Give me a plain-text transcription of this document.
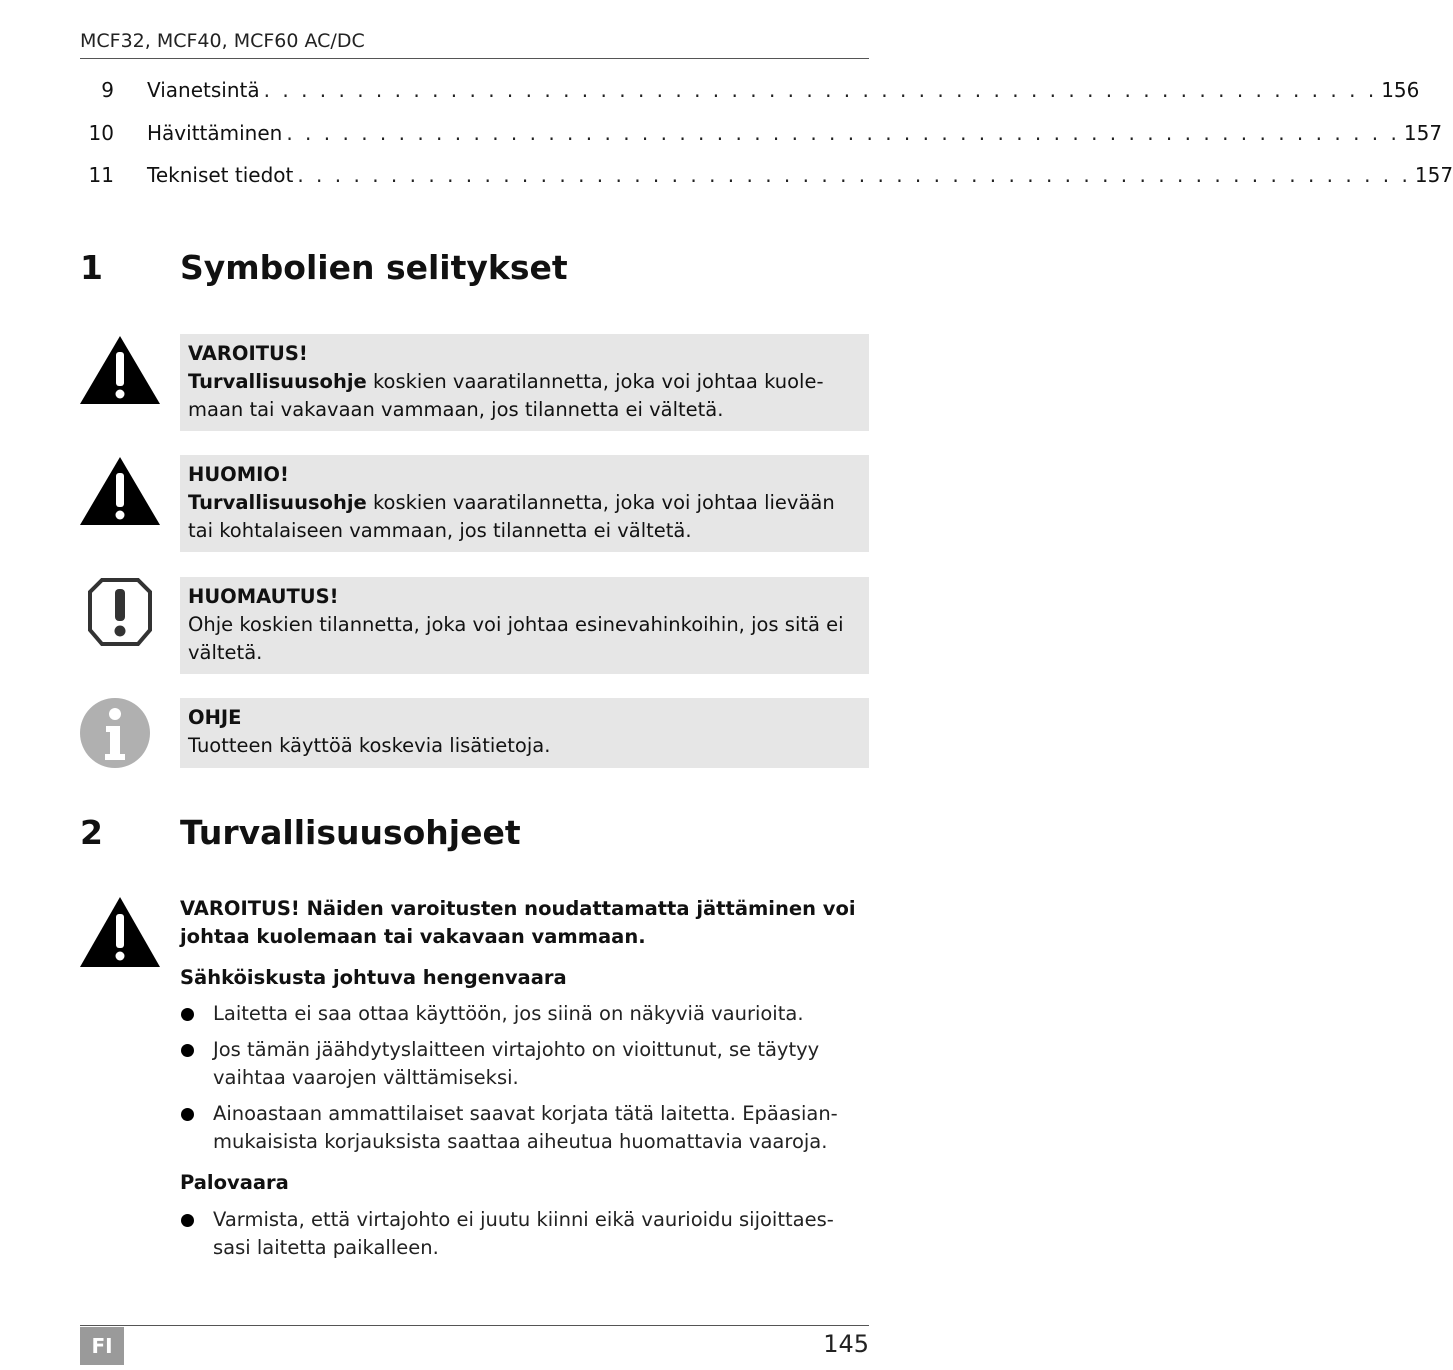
MCF32, MCF40, MCF60 AC/DC
9 Vianetsintä . . . . . . . . . . . . . . . . . . . . . . . . . . . . . . . . . . . . . . . . . . . . . . . . . . . . . . . . . . . . 156
10 Hävittäminen . . . . . . . . . . . . . . . . . . . . . . . . . . . . . . . . . . . . . . . . . . . . . . . . . . . . . . . . . . . . 157
11 Tekniset tiedot . . . . . . . . . . . . . . . . . . . . . . . . . . . . . . . . . . . . . . . . . . . . . . . . . . . . . . . . . . . . 157
1	Symbolien selitykset
VAROITUS!
Turvallisuusohje koskien vaaratilannetta, joka voi johtaa kuole-maan tai vakavaan vammaan, jos tilannetta ei vältetä.
HUOMIO!
Turvallisuusohje koskien vaaratilannetta, joka voi johtaa lievään tai kohtalaiseen vammaan, jos tilannetta ei vältetä.
HUOMAUTUS!
Ohje koskien tilannetta, joka voi johtaa esinevahinkoihin, jos sitä ei vältetä.
OHJE
Tuotteen käyttöä koskevia lisätietoja.
2	Turvallisuusohjeet
VAROITUS! Näiden varoitusten noudattamatta jättäminen voi johtaa kuolemaan tai vakavaan vammaan.
Sähköiskusta johtuva hengenvaara
Laitetta ei saa ottaa käyttöön, jos siinä on näkyviä vaurioita.
Jos tämän jäähdytyslaitteen virtajohto on vioittunut, se täytyy vaihtaa vaarojen välttämiseksi.
Ainoastaan ammattilaiset saavat korjata tätä laitetta. Epäasian-mukaisista korjauksista saattaa aiheutua huomattavia vaaroja.
Palovaara
Varmista, että virtajohto ei juutu kiinni eikä vaurioidu sijoittaes-sasi laitetta paikalleen.
FI	145
